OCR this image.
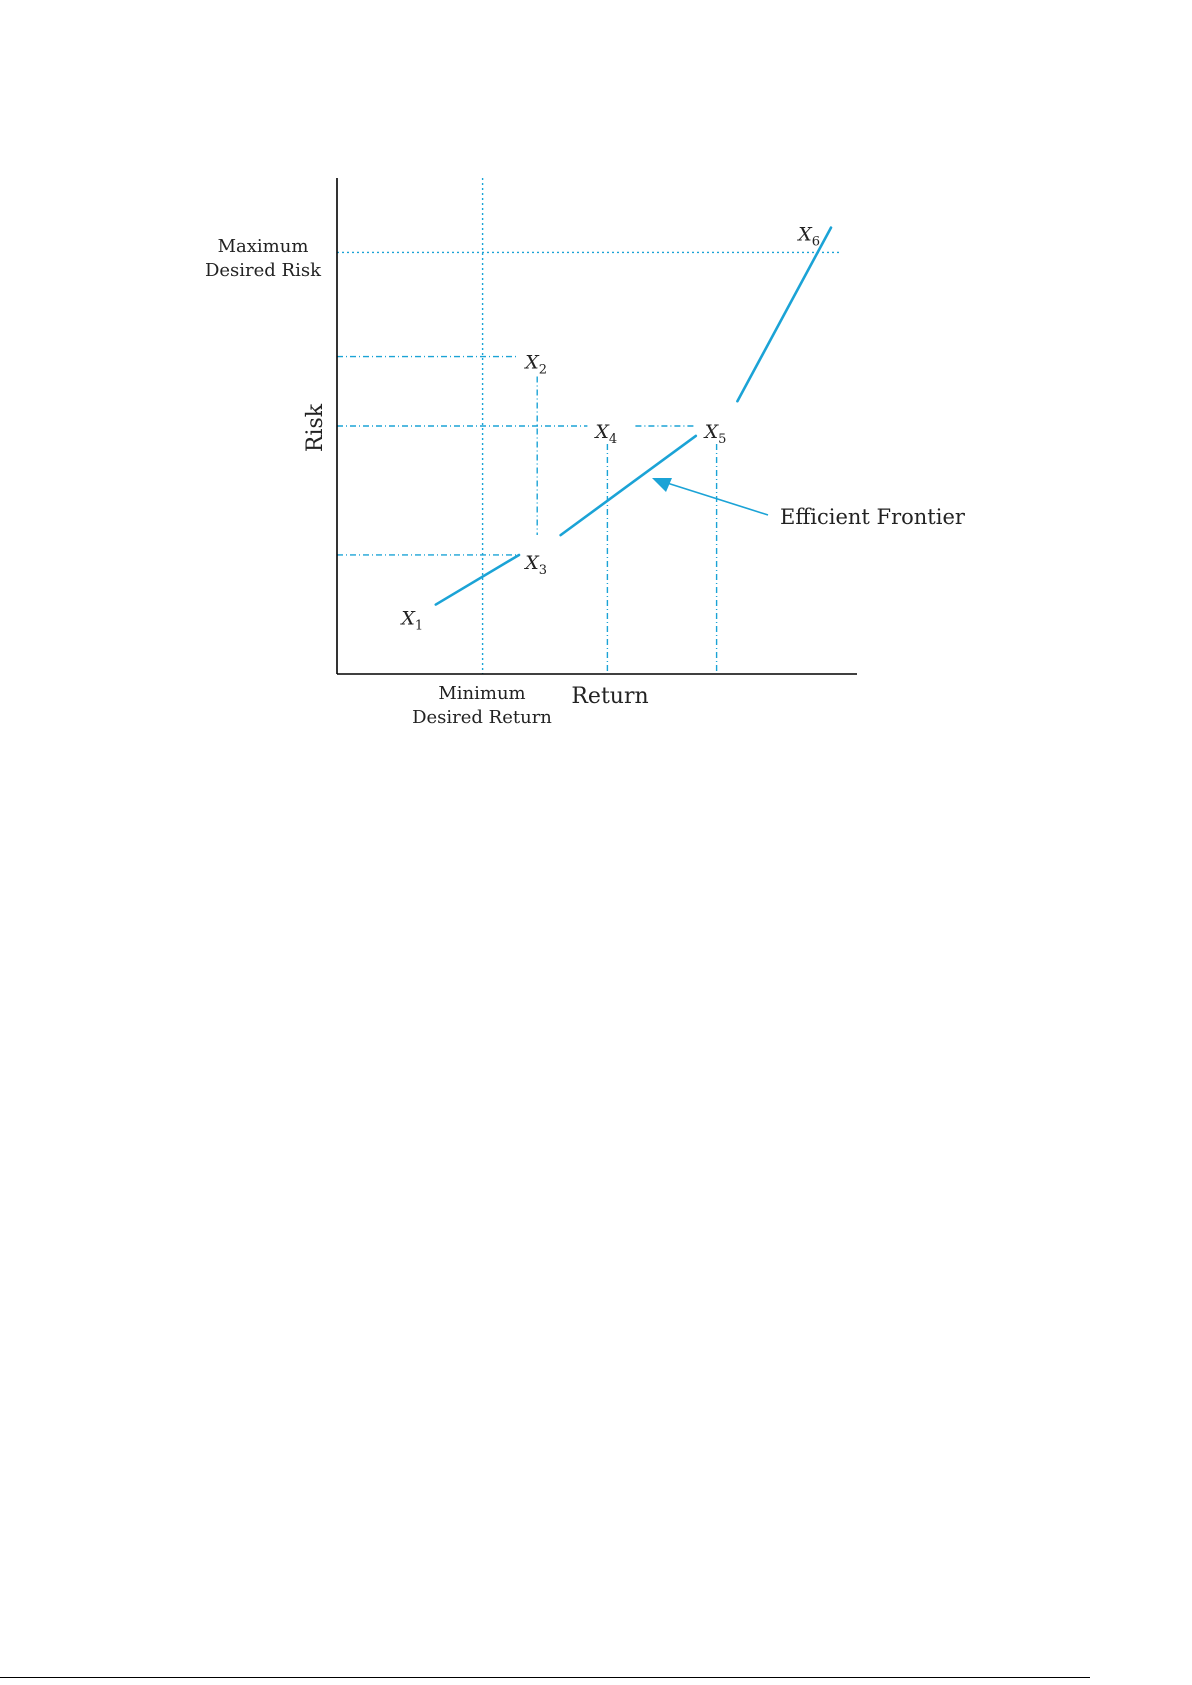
Risk
Return
Maximum
Desired Risk
Minimum
Desired Return
Efficient Frontier
$X_1$
$X_2$
$X_3$
$X_4$	$X_5$
$X_6$
